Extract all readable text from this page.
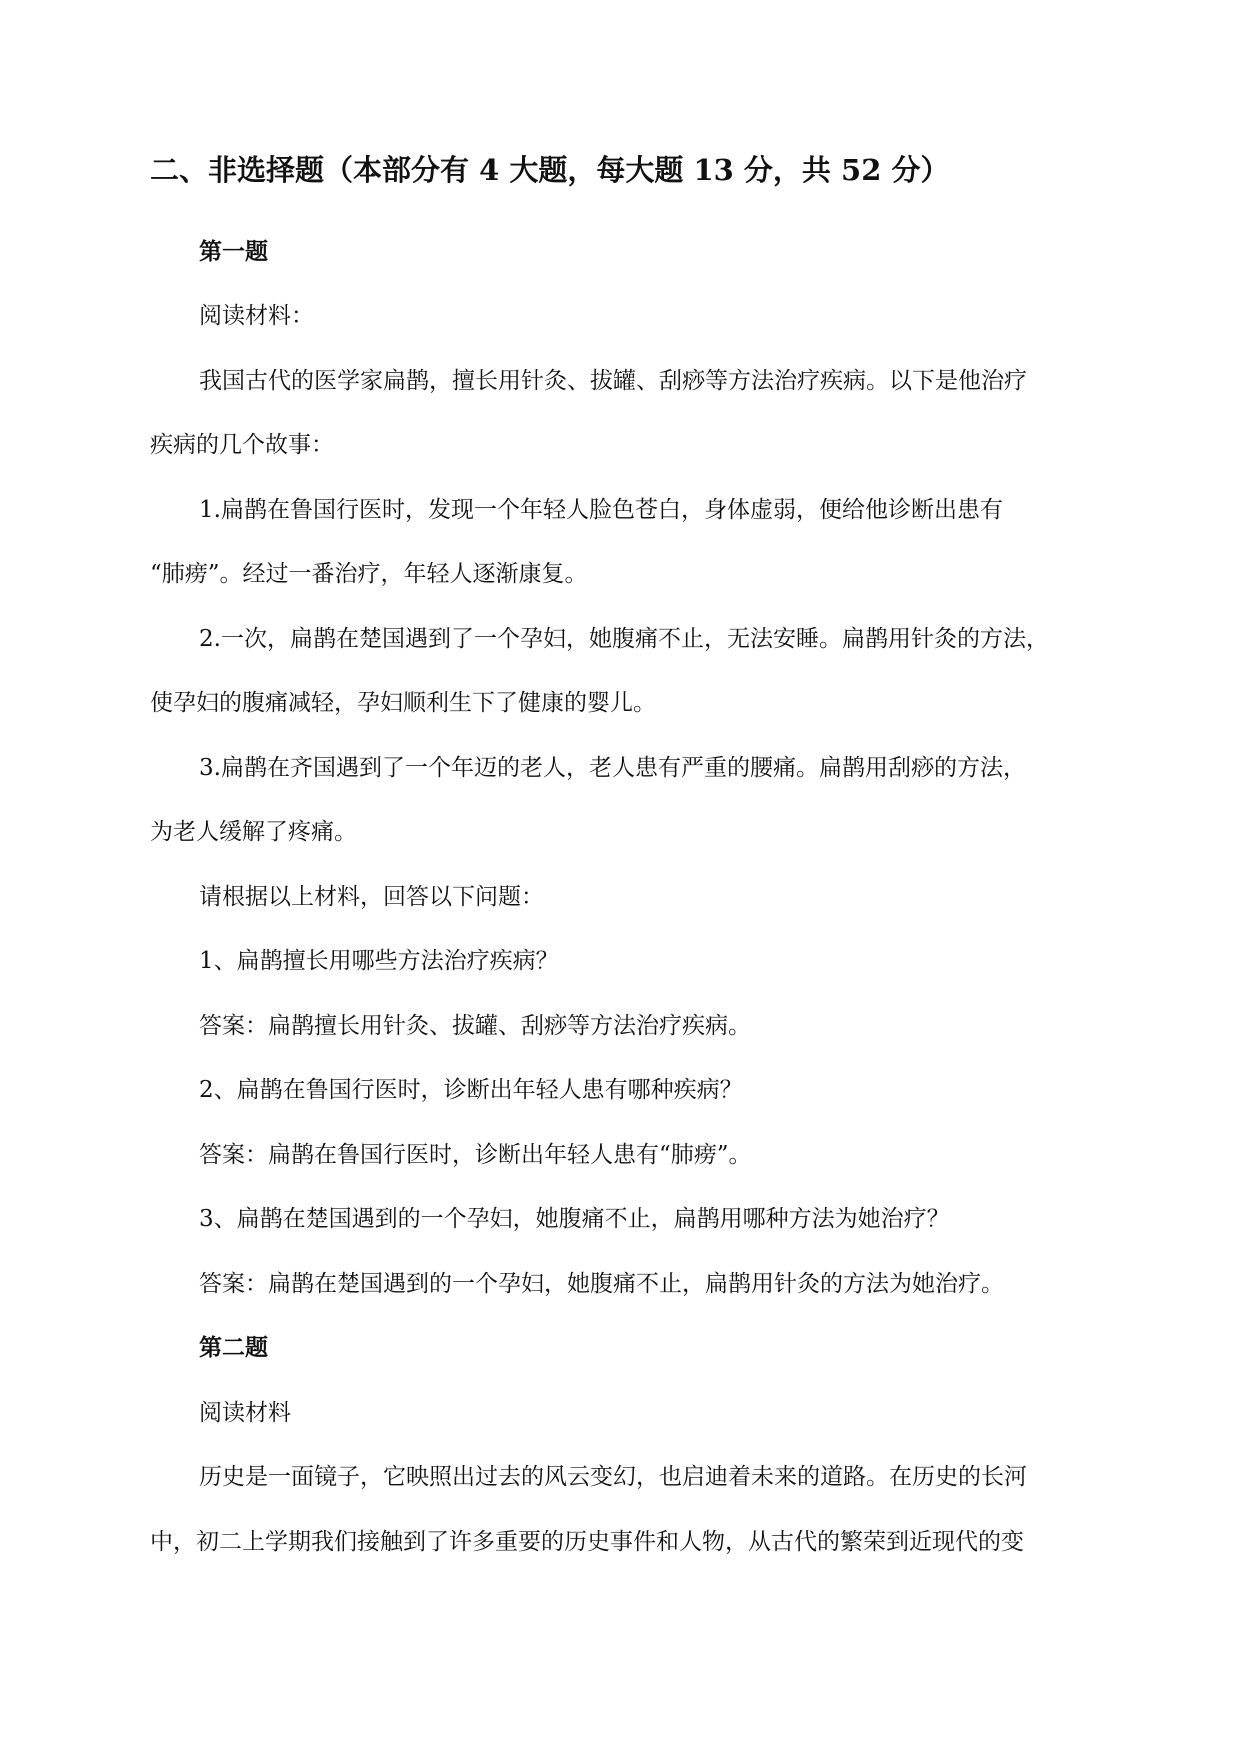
二、非选择题（本部分有 4 大题，每大题 13 分，共 52 分）
第一题
阅读材料：
我国古代的医学家扁鹊，擅长用针灸、拔罐、刮痧等方法治疗疾病。以下是他治疗
疾病的几个故事：
1.扁鹊在鲁国行医时，发现一个年轻人脸色苍白，身体虚弱，便给他诊断出患有
“肺痨”。经过一番治疗，年轻人逐渐康复。
2.一次，扁鹊在楚国遇到了一个孕妇，她腹痛不止，无法安睡。扁鹊用针灸的方法，
使孕妇的腹痛减轻，孕妇顺利生下了健康的婴儿。
3.扁鹊在齐国遇到了一个年迈的老人，老人患有严重的腰痛。扁鹊用刮痧的方法，
为老人缓解了疼痛。
请根据以上材料，回答以下问题：
1、扁鹊擅长用哪些方法治疗疾病？
答案：扁鹊擅长用针灸、拔罐、刮痧等方法治疗疾病。
2、扁鹊在鲁国行医时，诊断出年轻人患有哪种疾病？
答案：扁鹊在鲁国行医时，诊断出年轻人患有“肺痨”。
3、扁鹊在楚国遇到的一个孕妇，她腹痛不止，扁鹊用哪种方法为她治疗？
答案：扁鹊在楚国遇到的一个孕妇，她腹痛不止，扁鹊用针灸的方法为她治疗。
第二题
阅读材料
历史是一面镜子，它映照出过去的风云变幻，也启迪着未来的道路。在历史的长河
中，初二上学期我们接触到了许多重要的历史事件和人物，从古代的繁荣到近现代的变
